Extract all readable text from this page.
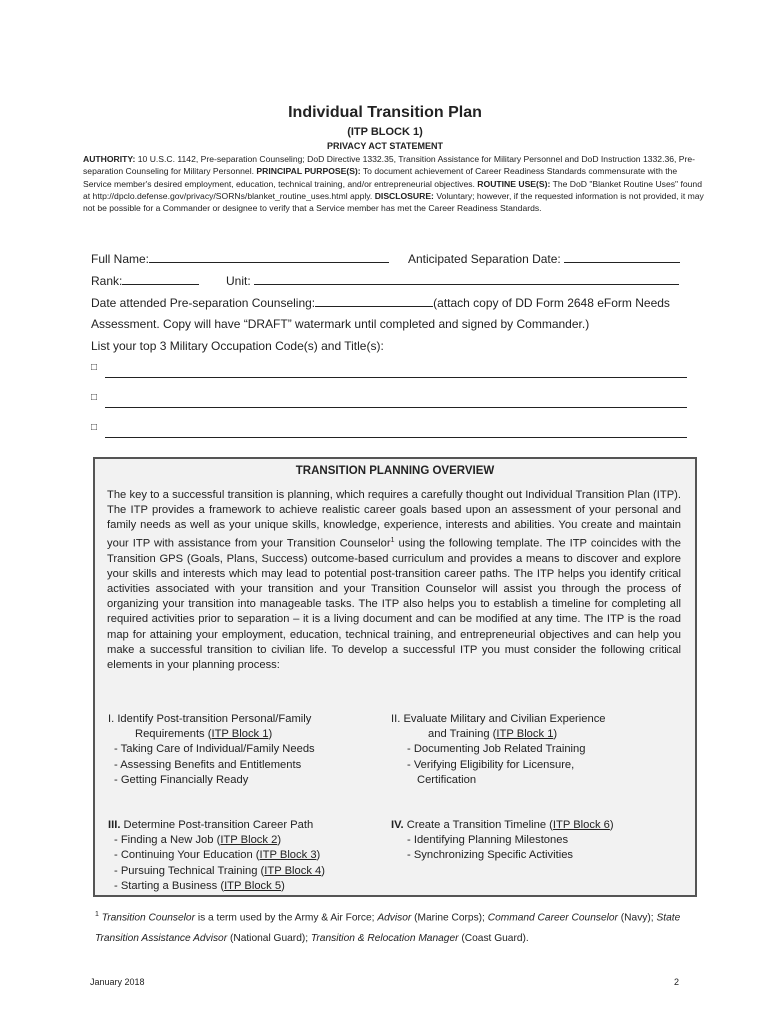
Individual Transition Plan
(ITP BLOCK 1)
PRIVACY ACT STATEMENT
AUTHORITY: 10 U.S.C. 1142, Pre-separation Counseling; DoD Directive 1332.35, Transition Assistance for Military Personnel and DoD Instruction 1332.36, Pre-separation Counseling for Military Personnel. PRINCIPAL PURPOSE(S): To document achievement of Career Readiness Standards commensurate with the Service member's desired employment, education, technical training, and/or entrepreneurial objectives. ROUTINE USE(S): The DoD "Blanket Routine Uses" found at http://dpclo.defense.gov/privacy/SORNs/blanket_routine_uses.html apply. DISCLOSURE: Voluntary; however, if the requested information is not provided, it may not be possible for a Commander or designee to verify that a Service member has met the Career Readiness Standards.
Full Name:	Anticipated Separation Date:
Rank:	Unit:
Date attended Pre-separation Counseling:	(attach copy of DD Form 2648 eForm Needs
Assessment. Copy will have “DRAFT” watermark until completed and signed by Commander.)
List your top 3 Military Occupation Code(s) and Title(s):
□
□
□
TRANSITION PLANNING OVERVIEW
The key to a successful transition is planning, which requires a carefully thought out Individual Transition Plan (ITP). The ITP provides a framework to achieve realistic career goals based upon an assessment of your personal and family needs as well as your unique skills, knowledge, experience, interests and abilities. You create and maintain your ITP with assistance from your Transition Counselor$^1$ using the following template. The ITP coincides with the Transition GPS (Goals, Plans, Success) outcome-based curriculum and provides a means to discover and explore your skills and interests which may lead to potential post-transition career paths. The ITP helps you identify critical activities associated with your transition and your Transition Counselor will assist you through the process of organizing your transition into manageable tasks. The ITP also helps you to establish a timeline for completing all required activities prior to separation – it is a living document and can be modified at any time. The ITP is the road map for attaining your employment, education, technical training, and entrepreneurial objectives and can help you make a successful transition to civilian life. To develop a successful ITP you must consider the following critical elements in your planning process:
I. Identify Post-transition Personal/Family
Requirements (ITP Block 1)
- Taking Care of Individual/Family Needs
- Assessing Benefits and Entitlements
- Getting Financially Ready
II. Evaluate Military and Civilian Experience
and Training (ITP Block 1)
- Documenting Job Related Training
- Verifying Eligibility for Licensure,
Certification
III. Determine Post-transition Career Path
- Finding a New Job (ITP Block 2)
- Continuing Your Education (ITP Block 3)
- Pursuing Technical Training (ITP Block 4)
- Starting a Business (ITP Block 5)
IV. Create a Transition Timeline (ITP Block 6)
- Identifying Planning Milestones
- Synchronizing Specific Activities
$^1$ Transition Counselor is a term used by the Army & Air Force; Advisor (Marine Corps); Command Career Counselor (Navy); State Transition Assistance Advisor (National Guard); Transition & Relocation Manager (Coast Guard).
January 2018	2
